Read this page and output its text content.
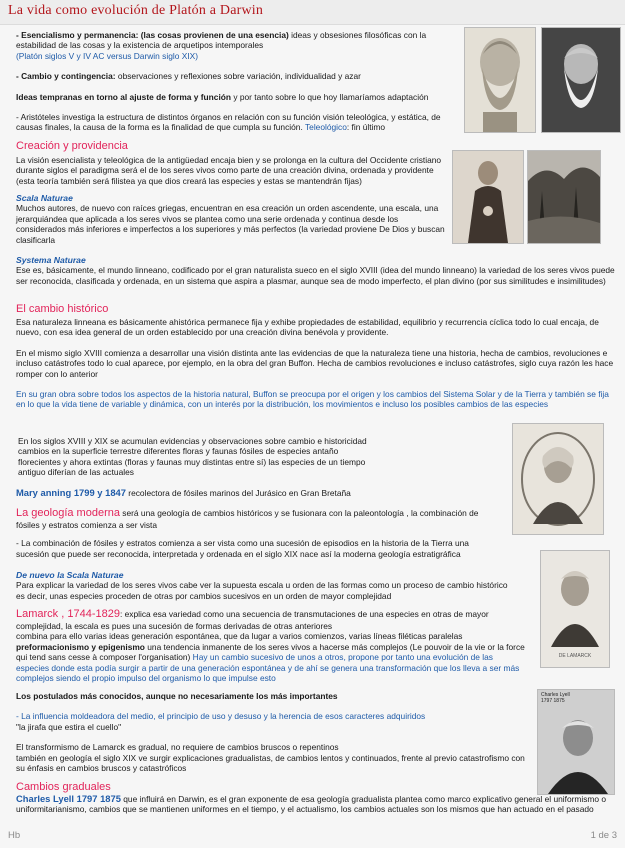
La vida como evolución de Platón a Darwin

- Esencialismo y permanencia: (las cosas provienen de una esencia) ideas y obsesiones filosóficas con la estabilidad de las cosas y la existencia de arquetipos intemporales

(Platón siglos V y IV AC versus Darwin siglo XIX)

- Cambio y contingencia: observaciones y reflexiones sobre variación, individualidad y azar

Ideas tempranas en torno al ajuste de forma y función y por tanto sobre lo que hoy llamaríamos adaptación

- Aristóteles investiga la estructura de distintos órganos en relación con su función visión teleológica, y estática, de causas finales, la causa de la forma es la finalidad de que cumpla su función. Teleológico: fin último

Creación y providencia

La visión esencialista y teleológica de la antigüedad encaja bien y se prolonga en la cultura del Occidente cristiano durante siglos el paradigma será el de los seres vivos como parte de una creación divina, ordenada y providente (esta teoría también será filistea ya que dios creará las especies y estas se mantendrán fijas)

Scala Naturae

Muchos autores, de nuevo con raíces griegas, encuentran en esa creación un orden ascendente, una escala, una jerarquiándea que aplicada a los seres vivos se plantea como una serie ordenada y continua desde los considerados más inferiores e imperfectos a los superiores y más perfectos (la variedad proviene De Dios y buscan clasificarla

Systema Naturae

Ese es, básicamente, el mundo linneano, codificado por el gran naturalista sueco en el siglo XVIII (idea del mundo linneano) la variedad de los seres vivos puede ser reconocida, clasificada y ordenada, en un sistema que aspira a plasmar, aunque sea de modo imperfecto, el plan divino (por sus similitudes e insimilitudes)

El cambio histórico

Esa naturaleza linneana es básicamente ahistórica permanece fija y exhibe propiedades de estabilidad, equilibrio y recurrencia cíclica todo lo cual encaja, de nuevo, con esa idea general de un orden establecido por una creación divina benévola y providente.

En el mismo siglo XVIII comienza a desarrollar una visión distinta ante las evidencias de que la naturaleza tiene una historia, hecha de cambios, revoluciones e incluso catástrofes todo lo cual aparece, por ejemplo, en la obra del gran Buffon. Hecha de cambios revoluciones e incluso catástrofes, siglo cuya razón les hace romper con lo anterior

En su gran obra sobre todos los aspectos de la historia natural, Buffon se preocupa por el origen y los cambios del Sistema Solar y de la Tierra y también se fija en lo que la vida tiene de variable y dinámica, con un interés por la distribución, los movimientos e incluso los posibles cambios de las especies

En los siglos XVIII y XIX se acumulan evidencias y observaciones sobre cambio e historicidad cambios en la superficie terrestre diferentes floras y faunas fósiles de especies antaño florecientes y ahora extintas (floras y faunas muy distintas entre sí) las especies de un tiempo antiguo diferían de las actuales

Mary anning 1799 y 1847 recolectora de fósiles marinos del Jurásico en Gran Bretaña

La geología moderna será una geología de cambios históricos y se fusionara con la paleontología , la combinación de fósiles y estratos comienza a ser vista

- La combinación de fósiles y estratos comienza a ser vista como una sucesión de episodios en la historia de la Tierra una sucesión que puede ser reconocida, interpretada y ordenada en el siglo XIX nace así la moderna geología estratigráfica

DE LAMARCK

De nuevo la Scala Naturae

Para explicar la variedad de los seres vivos cabe ver la supuesta escala u orden de las formas como un proceso de cambio histórico es decir, unas especies proceden de otras por cambios sucesivos en un orden de mayor complejidad

Lamarck , 1744-1829: explica esa variedad como una secuencia de transmutaciones de una especies en otras de mayor complejidad, la escala es pues una sucesión de formas derivadas de otras anteriores

combina para ello varias ideas generación espontánea, que da lugar a varios comienzos, varias líneas filéticas paralelas

preformacionismo y epigenismo una tendencia inmanente de los seres vivos a hacerse más complejos (Le pouvoir de la vie or la force qui tend sans cesse à composer l'organisation) Hay un cambio sucesivo de unos a otros, propone por tanto una evolución de las especies donde esta podía surgir a partir de una generación espontánea y de ahí se genera una transformación que los lleva a ser más complejos siendo el propio impulso del organismo lo que impulse esto

Los postulados más conocidos, aunque no necesariamente los más importantes

- La influencia moldeadora del medio, el principio de uso y desuso y la herencia de esos caracteres adquiridos

"la jirafa que estira el cuello"

El transformismo de Lamarck es gradual, no requiere de cambios bruscos o repentinos

también en geología el siglo XIX ve surgir explicaciones gradualistas, de cambios lentos y continuados, frente al previo catastrofismo con su énfasis en cambios bruscos y catastróficos

Charles Lyell
1797 1875

Cambios graduales

Charles Lyell 1797 1875 que influirá en Darwin, es el gran exponente de esa geología gradualista plantea como marco explicativo general el uniformismo o uniformitarianismo, cambios que se mantienen uniformes en el tiempo, y el actualismo, los cambios actuales son los mismos que han actuado en el pasado

Hb	1 de 3
